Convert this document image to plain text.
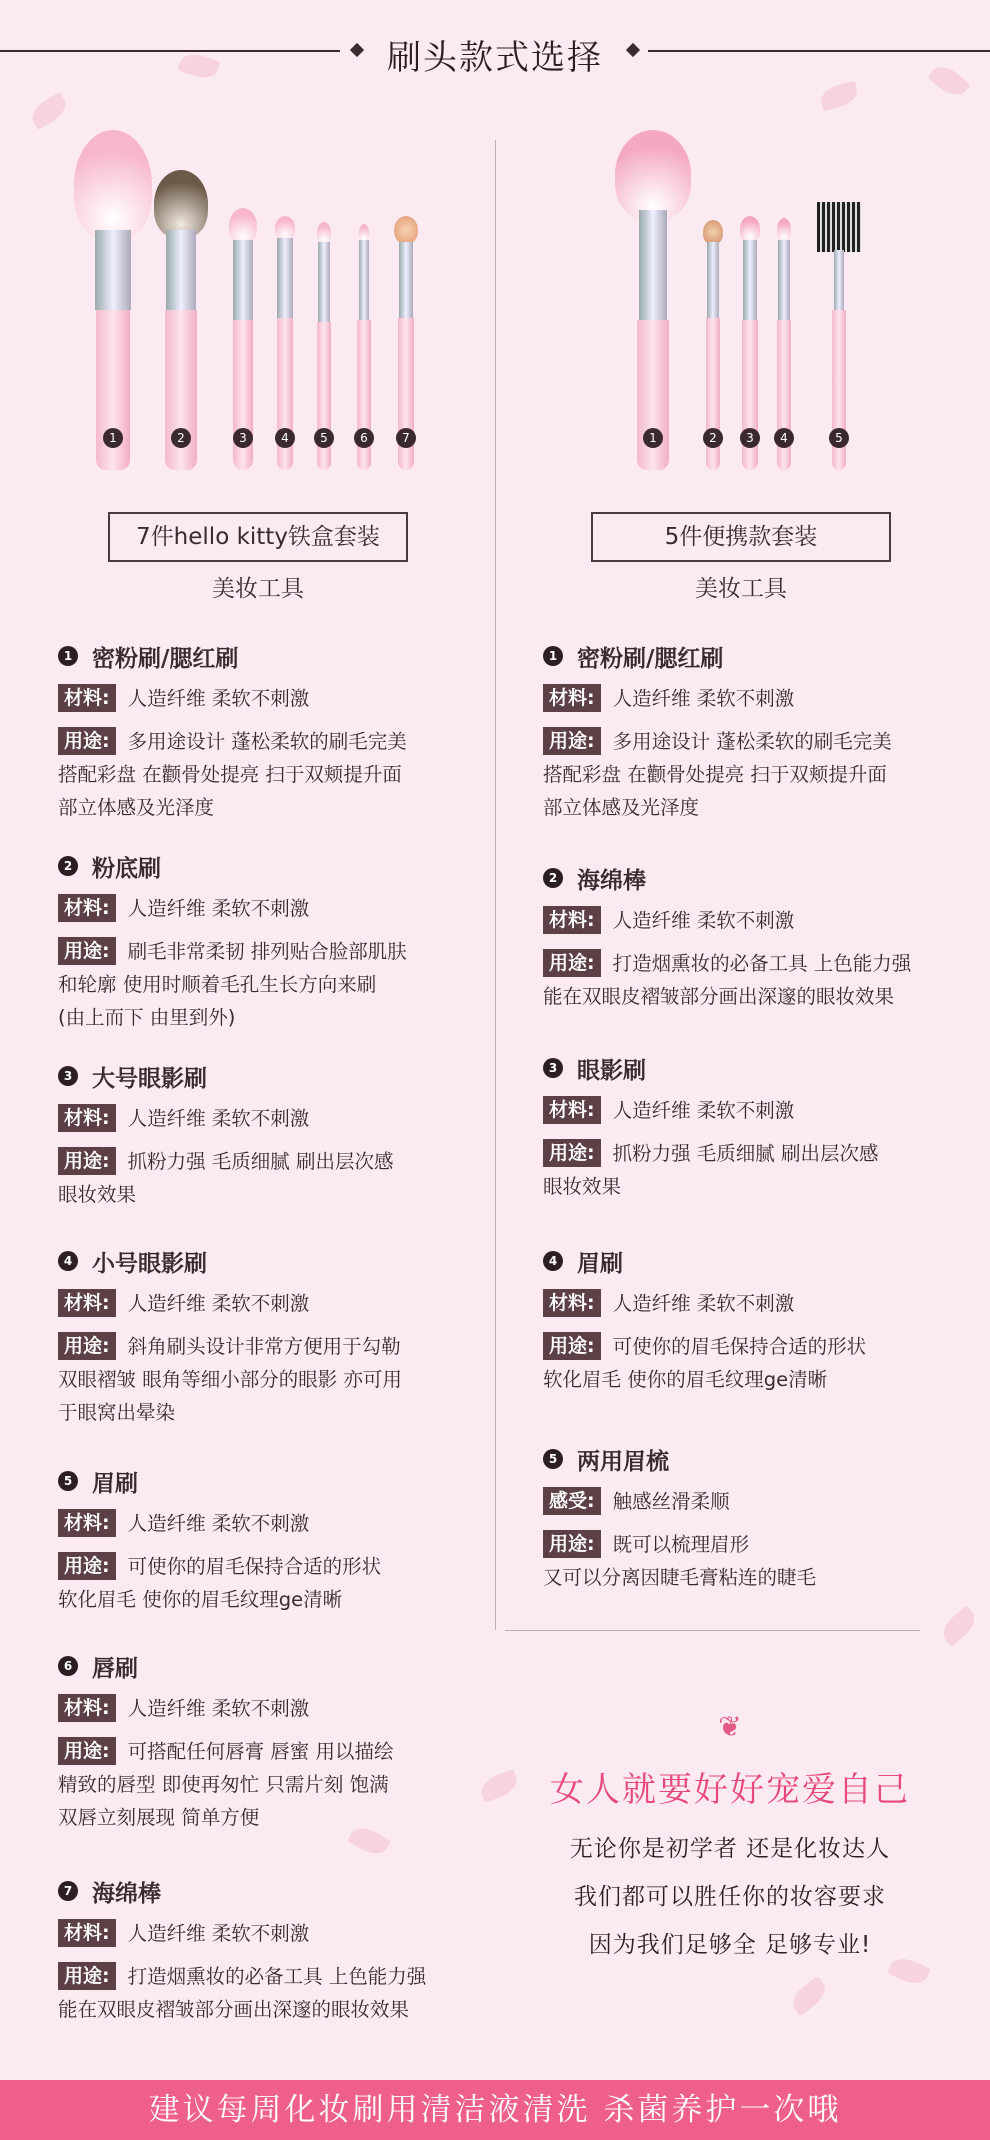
刷头款式选择
1	2	3	4	5	6	7
7件hello kitty铁盒套装
美妆工具
1 密粉刷/腮红刷
材料: 人造纤维 柔软不刺激
用途: 多用途设计 蓬松柔软的刷毛完美
搭配彩盘 在颧骨处提亮 扫于双颊提升面
部立体感及光泽度
2 粉底刷
材料: 人造纤维 柔软不刺激
用途: 刷毛非常柔韧 排列贴合脸部肌肤
和轮廓 使用时顺着毛孔生长方向来刷
(由上而下 由里到外)
3 大号眼影刷
材料: 人造纤维 柔软不刺激
用途: 抓粉力强 毛质细腻 刷出层次感
眼妆效果
4 小号眼影刷
材料: 人造纤维 柔软不刺激
用途: 斜角刷头设计非常方便用于勾勒
双眼褶皱 眼角等细小部分的眼影 亦可用
于眼窝出晕染
5 眉刷
材料: 人造纤维 柔软不刺激
用途: 可使你的眉毛保持合适的形状
软化眉毛 使你的眉毛纹理ge清晰
6 唇刷
材料: 人造纤维 柔软不刺激
用途: 可搭配任何唇膏 唇蜜 用以描绘
精致的唇型 即使再匆忙 只需片刻 饱满
双唇立刻展现 简单方便
7 海绵棒
材料: 人造纤维 柔软不刺激
用途: 打造烟熏妆的必备工具 上色能力强
能在双眼皮褶皱部分画出深邃的眼妆效果
1	2	3	4	5
5件便携款套装
美妆工具
1 密粉刷/腮红刷
材料: 人造纤维 柔软不刺激
用途: 多用途设计 蓬松柔软的刷毛完美
搭配彩盘 在颧骨处提亮 扫于双颊提升面
部立体感及光泽度
2 海绵棒
材料: 人造纤维 柔软不刺激
用途: 打造烟熏妆的必备工具 上色能力强
能在双眼皮褶皱部分画出深邃的眼妆效果
3 眼影刷
材料: 人造纤维 柔软不刺激
用途: 抓粉力强 毛质细腻 刷出层次感
眼妆效果
4 眉刷
材料: 人造纤维 柔软不刺激
用途: 可使你的眉毛保持合适的形状
软化眉毛 使你的眉毛纹理ge清晰
5 两用眉梳
感受: 触感丝滑柔顺
用途: 既可以梳理眉形
又可以分离因睫毛膏粘连的睫毛
❦
女人就要好好宠爱自己
无论你是初学者 还是化妆达人
我们都可以胜任你的妆容要求
因为我们足够全 足够专业!
建议每周化妆刷用清洁液清洗 杀菌养护一次哦
